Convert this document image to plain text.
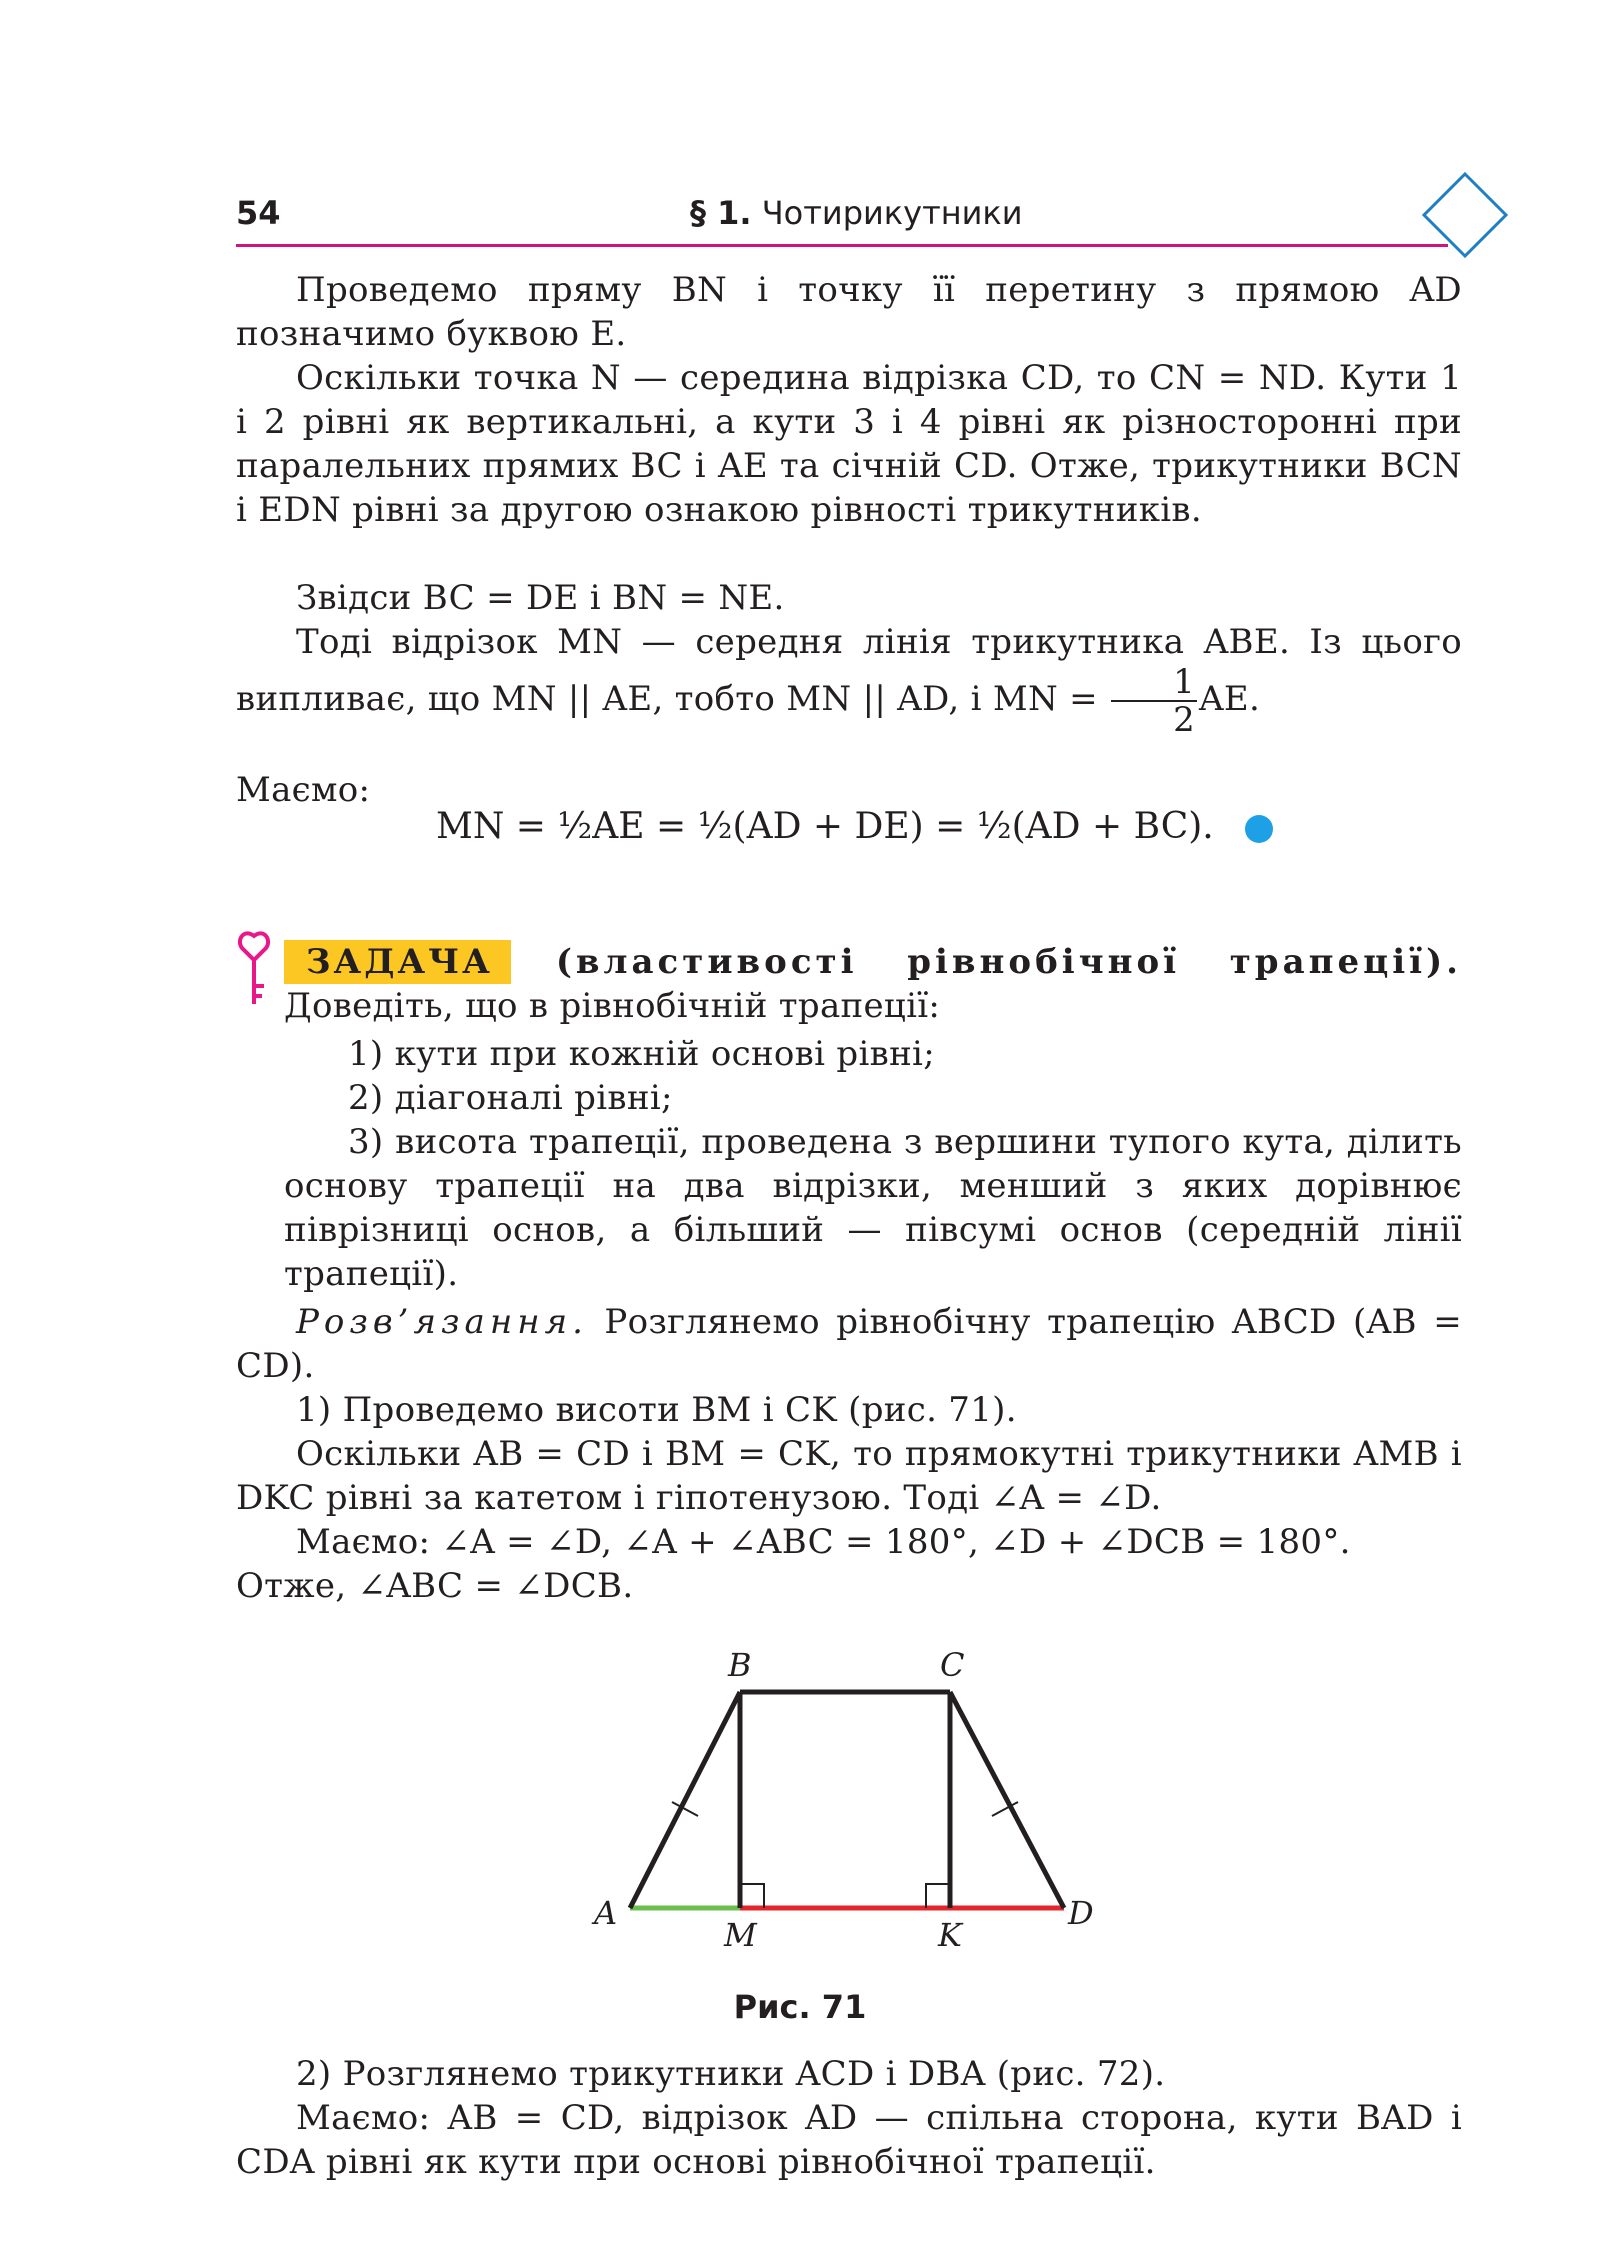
54	§ 1. Чотирикутники
Проведемо пряму BN і точку її перетину з прямою AD позначимо буквою E.
Оскільки точка N — середина відрізка CD, то CN = ND. Кути 1 і 2 рівні як вертикальні, а кути 3 і 4 рівні як різносторонні при паралельних прямих BC і AE та січній CD. Отже, трикутники BCN і EDN рівні за другою ознакою рівності трикутників.
Звідси BC = DE і BN = NE.
Тоді відрізок MN — середня лінія трикутника ABE. Із цього випливає, що MN || AE, тобто MN || AD, і MN = $\frac{1}{2}$ AE.
Маємо:
MN = ½AE = ½(AD + DE) = ½(AD + BC).
ЗАДАЧА (властивості рівнобічної трапеції). Доведіть, що в рівнобічній трапеції:
1) кути при кожній основі рівні;
2) діагоналі рівні;
3) висота трапеції, проведена з вершини тупого кута, ділить основу трапеції на два відрізки, менший з яких дорівнює піврізниці основ, а більший — півсумі основ (середній лінії трапеції).
Розв’язання. Розглянемо рівнобічну трапецію ABCD (AB = CD).
1) Проведемо висоти BM і CK (рис. 71).
Оскільки AB = CD і BM = CK, то прямокутні трикутники AMB і DKC рівні за катетом і гіпотенузою. Тоді ∠A = ∠D.
Маємо: ∠A = ∠D, ∠A + ∠ABC = 180°, ∠D + ∠DCB = 180°.
Отже, ∠ABC = ∠DCB.
B	C
A	D
M	K
Рис. 71
2) Розглянемо трикутники ACD і DBA (рис. 72).
Маємо: AB = CD, відрізок AD — спільна сторона, кути BAD і CDA рівні як кути при основі рівнобічної трапеції.
